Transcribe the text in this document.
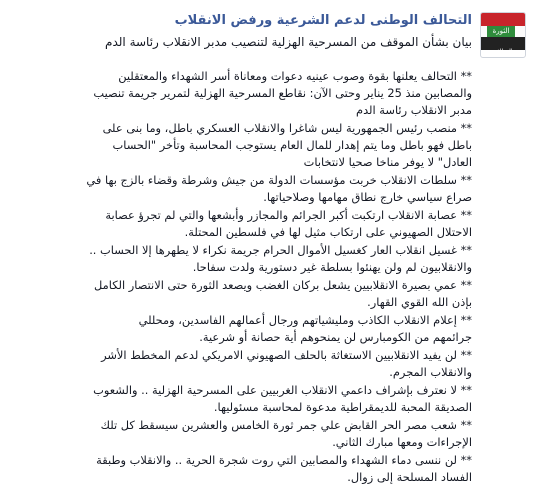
الثورة
التحالف
التحالف الوطنى لدعم الشرعية ورفض الانقلاب
بيان بشأن الموقف من المسرحية الهزلية لتنصيب مدبر الانقلاب رئاسة الدم
** التحالف يعلنها بقوة وصوب عينيه دعوات ومعاناة أسر الشهداء والمعتقلين
والمصابين منذ 25 يناير وحتى الآن: نقاطع المسرحية الهزلية لتمرير جريمة تنصيب
مدبر الانقلاب رئاسة الدم
** منصب رئيس الجمهورية ليس شاغرا والانقلاب العسكري باطل، وما بنى على
باطل فهو باطل وما يتم إهدار للمال العام يستوجب المحاسبة وتأخر "الحساب
العادل" لا يوفر مناخا صحيا لانتخابات
** سلطات الانقلاب خربت مؤسسات الدولة من جيش وشرطة وقضاء بالزج بها في
صراع سياسي خارج نطاق مهامها وصلاحياتها.
** عصابة الانقلاب ارتكبت أكبر الجرائم والمجازر وأبشعها والتي لم تجرؤ عصابة
الاحتلال الصهيوني على ارتكاب مثيل لها في فلسطين المحتلة.
** غسيل انقلاب العار كغسيل الأموال الحرام جريمة نكراء لا يطهرها إلا الحساب ..
والانقلابيون لم ولن يهنئوا بسلطة غير دستورية ولدت سفاحا.
** عمي بصيرة الانقلابيين يشعل بركان الغضب ويصعد الثورة حتى الانتصار الكامل
بإذن الله القوي القهار.
** إعلام الانقلاب الكاذب ومليشياتهم ورجال أعمالهم الفاسدين، ومحللي
جرائمهم من الكومبارس لن يمنحوهم أية حصانة أو شرعية.
** لن يفيد الانقلابيين الاستغاثة بالحلف الصهيوني الامريكي لدعم المخطط الأشر
والانقلاب المجرم.
** لا نعترف بإشراف داعمي الانقلاب الغربيين على المسرحية الهزلية .. والشعوب
الصديقة المحبة للديمقراطية مدعوة لمحاسبة مسئوليها.
** شعب مصر الحر القابض علي جمر ثورة الخامس والعشرين سيسقط كل تلك
الإجراءات ومعها مبارك الثاني.
** لن ننسى دماء الشهداء والمصابين التي روت شجرة الحرية .. والانقلاب وطبقة
الفساد المسلحة إلى زوال.
